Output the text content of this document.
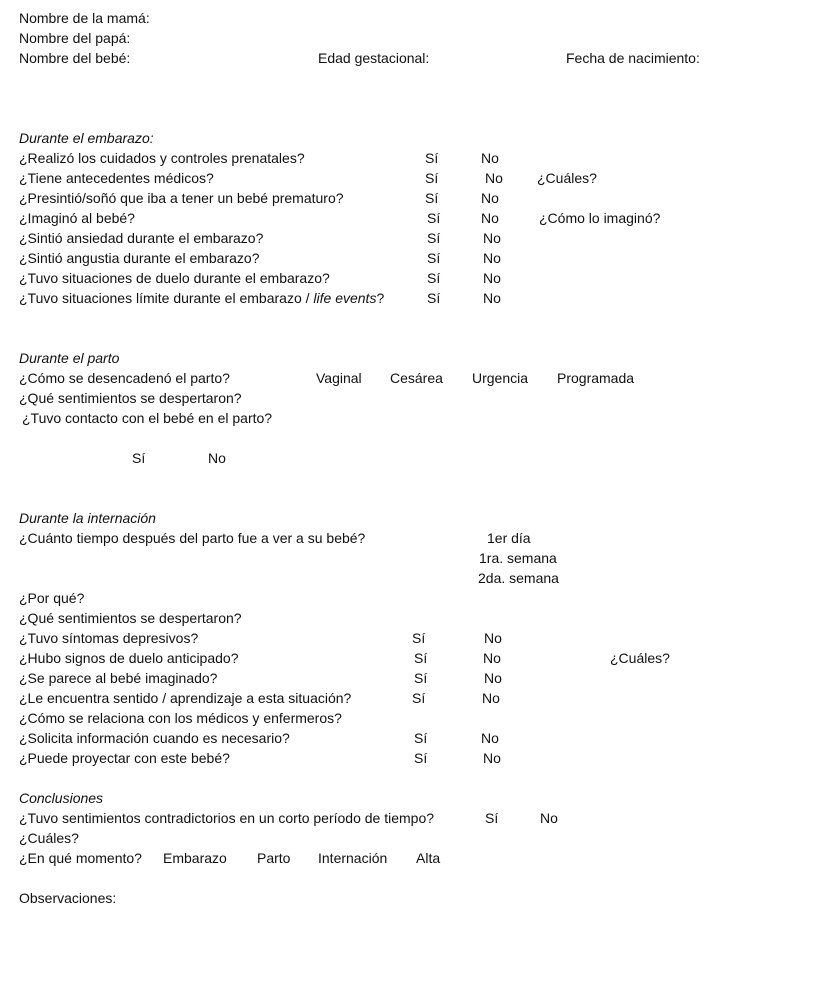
Nombre de la mamá:
Nombre del papá:
Nombre del bebé:	Edad gestacional:	Fecha de nacimiento:
Durante el embarazo:
¿Realizó los cuidados y controles prenatales?	Sí	No
¿Tiene antecedentes médicos?	Sí	No ¿Cuáles?
¿Presintió/soñó que iba a tener un bebé prematuro?	Sí	No
¿Imaginó al bebé?	Sí	No	¿Cómo lo imaginó?
¿Sintió ansiedad durante el embarazo?	Sí	No
¿Sintió angustia durante el embarazo?	Sí	No
¿Tuvo situaciones de duelo durante el embarazo?	Sí	No
¿Tuvo situaciones límite durante el embarazo / life events?	Sí	No
Durante el parto
¿Cómo se desencadenó el parto?	Vaginal Cesárea Urgencia Programada
¿Qué sentimientos se despertaron?
¿Tuvo contacto con el bebé en el parto?
Sí	No
Durante la internación
¿Cuánto tiempo después del parto fue a ver a su bebé?	1er día
1ra. semana
2da. semana
¿Por qué?
¿Qué sentimientos se despertaron?
¿Tuvo síntomas depresivos?	Sí	No
¿Hubo signos de duelo anticipado?	Sí	No	¿Cuáles?
¿Se parece al bebé imaginado?	Sí	No
¿Le encuentra sentido / aprendizaje a esta situación?	Sí	No
¿Cómo se relaciona con los médicos y enfermeros?
¿Solicita información cuando es necesario?	Sí	No
¿Puede proyectar con este bebé?	Sí	No
Conclusiones
¿Tuvo sentimientos contradictorios en un corto período de tiempo?	Sí	No
¿Cuáles?
¿En qué momento? Embarazo Parto Internación Alta
Observaciones:
